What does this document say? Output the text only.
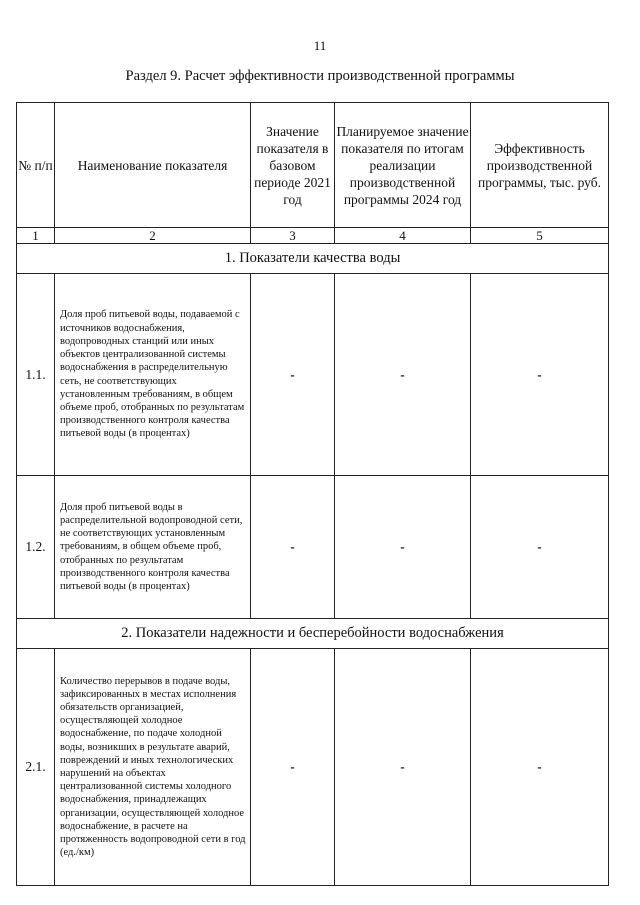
11
Раздел 9. Расчет эффективности производственной программы
№ п/п	Наименование показателя	Значение показателя в базовом периоде 2021 год	Планируемое значение показателя по итогам реализации производственной программы 2024 год	Эффективность производственной программы, тыс. руб.
1	2	3	4	5
1. Показатели качества воды				
1.1.	Доля проб питьевой воды, подаваемой с источников водоснабжения, водопроводных станций или иных объектов централизованной системы водоснабжения в распределительную сеть, не соответствующих установленным требованиям, в общем объеме проб, отобранных по результатам производственного контроля качества питьевой воды (в процентах)	-	-	-
1.2.	Доля проб питьевой воды в распределительной водопроводной сети, не соответствующих установленным требованиям, в общем объеме проб, отобранных по результатам производственного контроля качества питьевой воды (в процентах)	-	-	-
2. Показатели надежности и бесперебойности водоснабжения				
2.1.	Количество перерывов в подаче воды, зафиксированных в местах исполнения обязательств организацией, осуществляющей холодное водоснабжение, по подаче холодной воды, возникших в результате аварий, повреждений и иных технологических нарушений на объектах централизованной системы холодного водоснабжения, принадлежащих организации, осуществляющей холодное водоснабжение, в расчете на протяженность водопроводной сети в год (ед./км)	-	-	-
